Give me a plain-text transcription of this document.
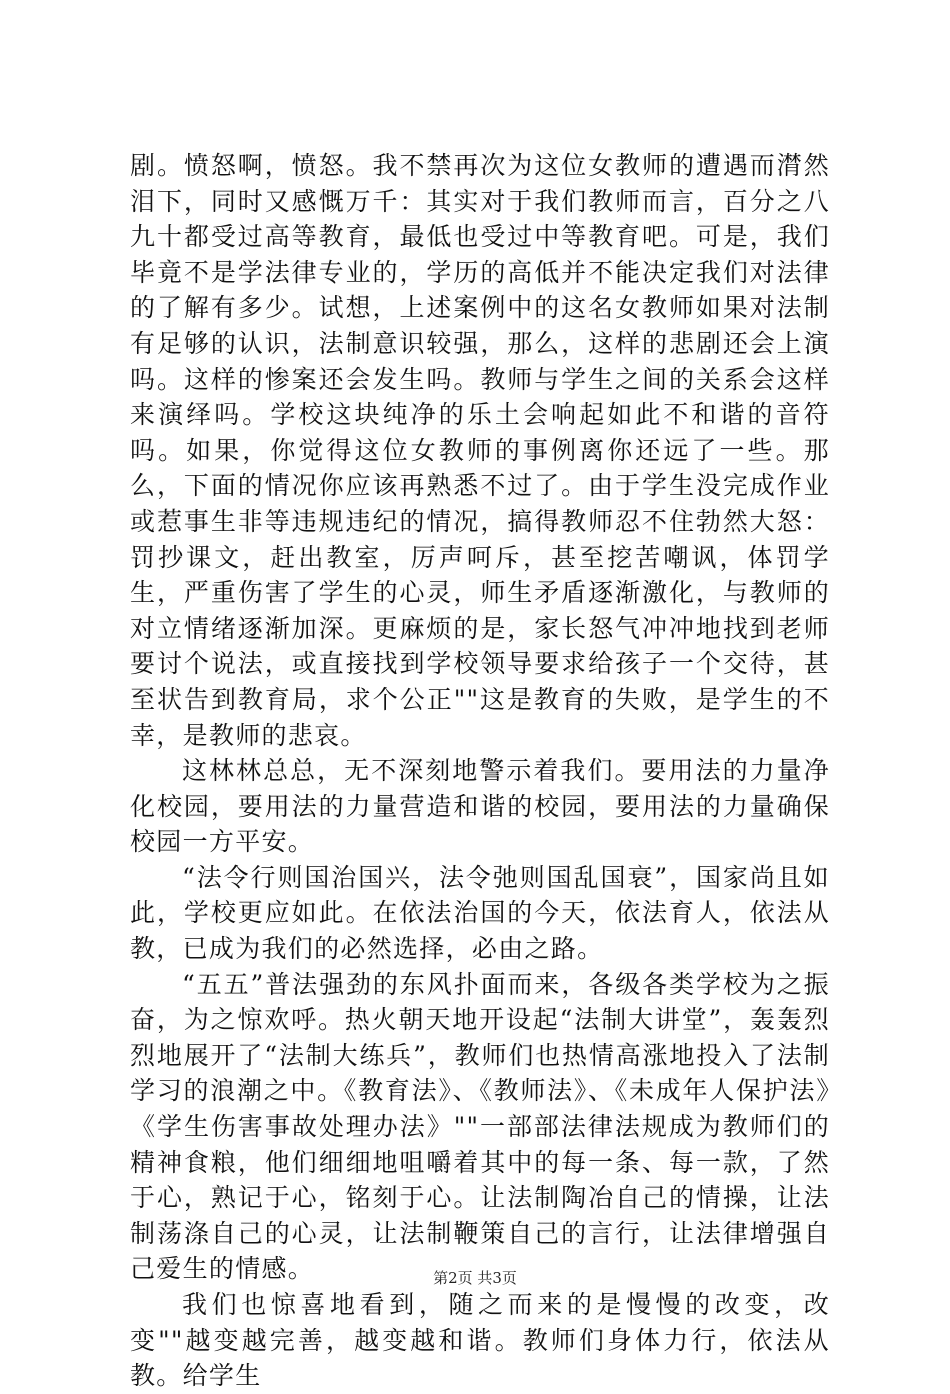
剧。愤怒啊，愤怒。我不禁再次为这位女教师的遭遇而潸然泪下，同时又感慨万千：其实对于我们教师而言，百分之八九十都受过高等教育，最低也受过中等教育吧。可是，我们毕竟不是学法律专业的，学历的高低并不能决定我们对法律的了解有多少。试想，上述案例中的这名女教师如果对法制有足够的认识，法制意识较强，那么，这样的悲剧还会上演吗。这样的惨案还会发生吗。教师与学生之间的关系会这样来演绎吗。学校这块纯净的乐土会响起如此不和谐的音符吗。如果，你觉得这位女教师的事例离你还远了一些。那么，下面的情况你应该再熟悉不过了。由于学生没完成作业或惹事生非等违规违纪的情况，搞得教师忍不住勃然大怒：罚抄课文，赶出教室，厉声呵斥，甚至挖苦嘲讽，体罚学生，严重伤害了学生的心灵，师生矛盾逐渐激化，与教师的对立情绪逐渐加深。更麻烦的是，家长怒气冲冲地找到老师要讨个说法，或直接找到学校领导要求给孩子一个交待，甚至状告到教育局，求个公正""这是教育的失败，是学生的不幸，是教师的悲哀。

这林林总总，无不深刻地警示着我们。要用法的力量净化校园，要用法的力量营造和谐的校园，要用法的力量确保校园一方平安。

“法令行则国治国兴，法令弛则国乱国衰”，国家尚且如此，学校更应如此。在依法治国的今天，依法育人，依法从教，已成为我们的必然选择，必由之路。

“五五”普法强劲的东风扑面而来，各级各类学校为之振奋，为之惊欢呼。热火朝天地开设起“法制大讲堂”，轰轰烈烈地展开了“法制大练兵”，教师们也热情高涨地投入了法制学习的浪潮之中。《教育法》、《教师法》、《未成年人保护法》《学生伤害事故处理办法》""一部部法律法规成为教师们的精神食粮，他们细细地咀嚼着其中的每一条、每一款，了然于心，熟记于心，铭刻于心。让法制陶冶自己的情操，让法制荡涤自己的心灵，让法制鞭策自己的言行，让法律增强自己爱生的情感。

我们也惊喜地看到，随之而来的是慢慢的改变，改变""越变越完善，越变越和谐。教师们身体力行，依法从教。给学生

第2页 共3页
